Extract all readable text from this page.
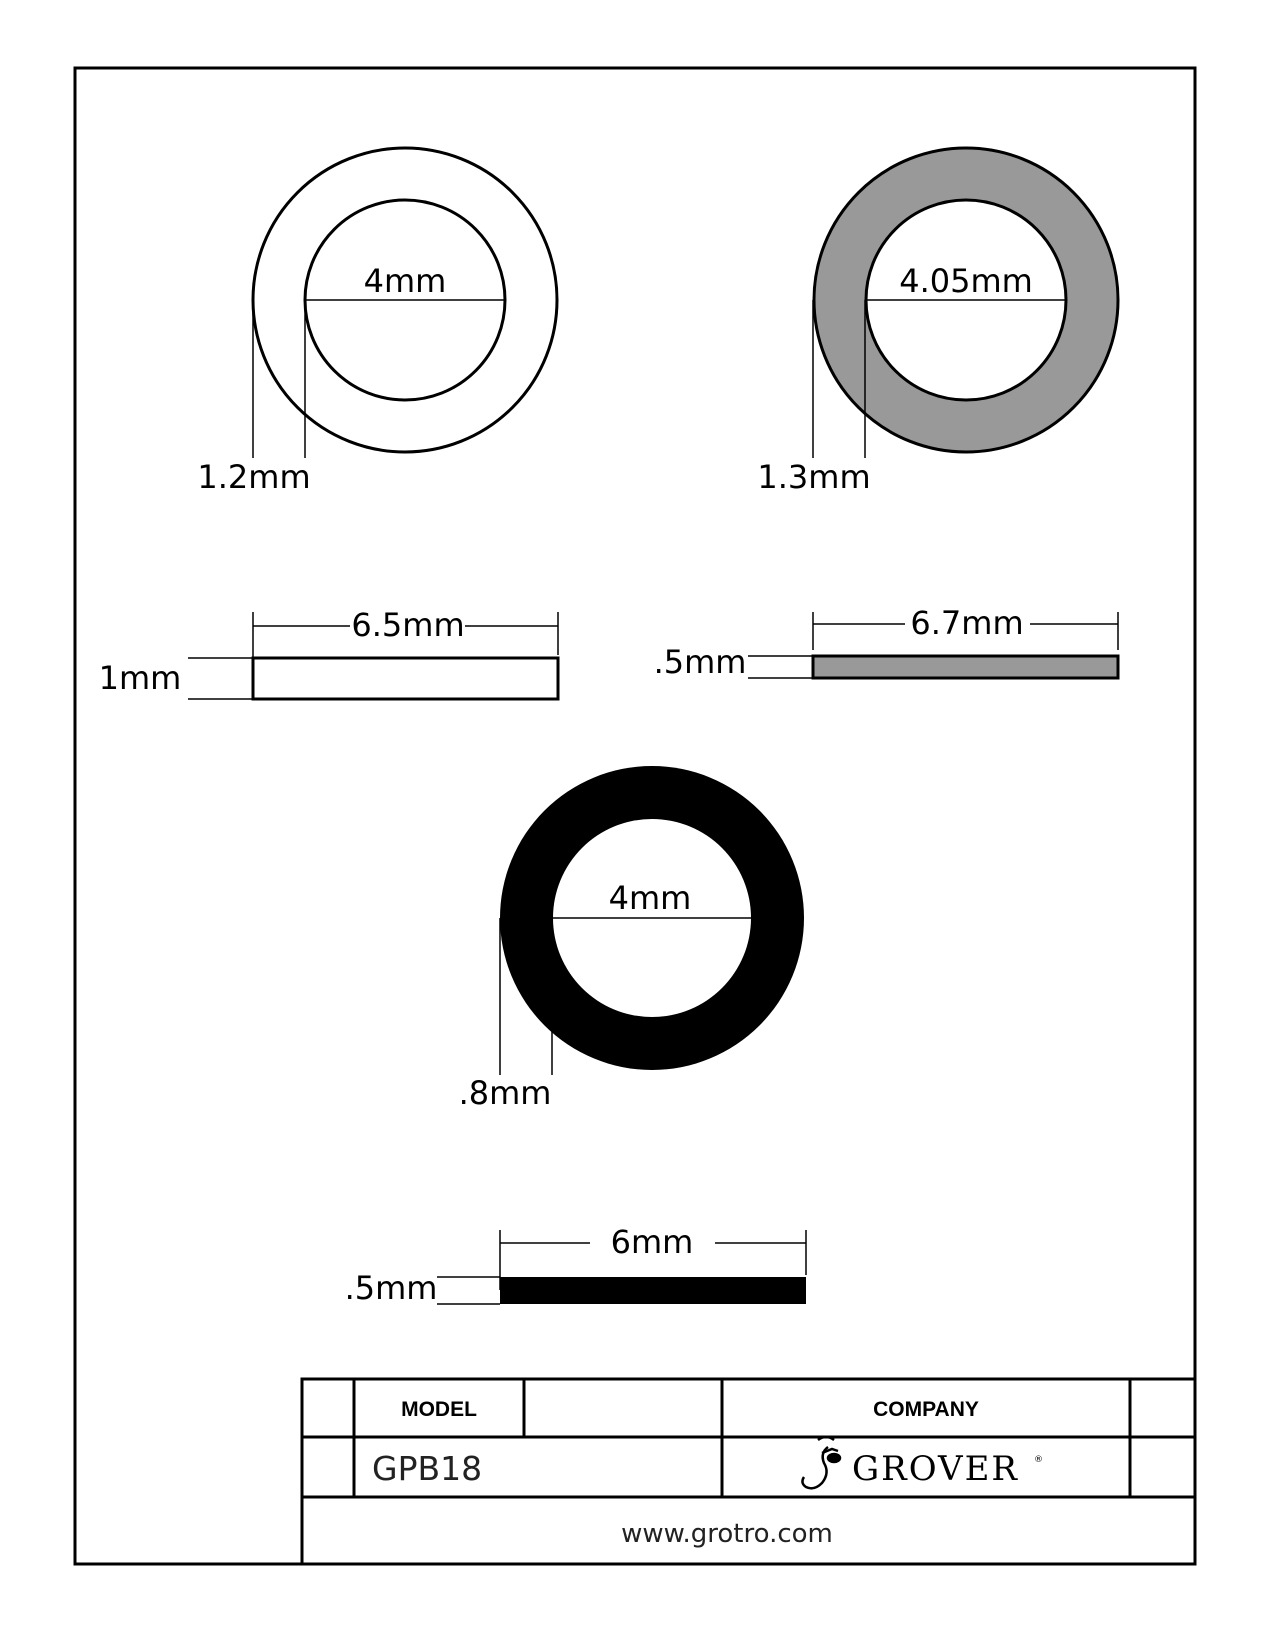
4mm
1.2mm
6.5mm
1mm
4.05mm
1.3mm
6.7mm
.5mm
4mm
.8mm
6mm
.5mm
MODEL	COMPANY
GPB18	GROVER ®
www.grotro.com
